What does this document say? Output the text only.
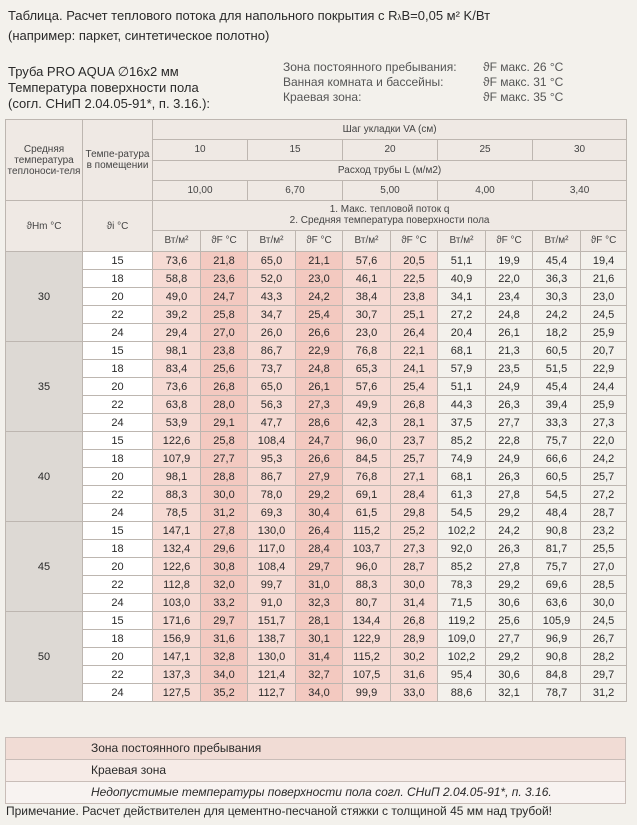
Таблица. Расчет теплового потока для напольного покрытия с RλB=0,05 м² K/Вт
(например: паркет, синтетическое полотно)
Труба PRO AQUA ∅16x2 мм
Температура поверхности пола
(согл. СНиП 2.04.05-91*, п. 3.16.):
Зона постоянного пребывания:	ϑF макс. 26 °C
Ванная комната и бассейны:	ϑF макс. 31 °C
Краевая зона:	ϑF макс. 35 °C
Средняя температура теплоноси-теля	Темпе-ратура в помещении	Шаг укладки VA (см)									
		10		15		20		25		30	
		Расход трубы L (м/м2)									
		10,00		6,70		5,00		4,00		3,40	
ϑHm °C	ϑi °C	1. Макс. тепловой поток q
2. Средняя температура поверхности пола									

		Вт/м²	ϑF °C	Вт/м²	ϑF °C	Вт/м²	ϑF °C	Вт/м²	ϑF °C	Вт/м²	ϑF °C
30	15	73,6	21,8	65,0	21,1	57,6	20,5	51,1	19,9	45,4	19,4
	18	58,8	23,6	52,0	23,0	46,1	22,5	40,9	22,0	36,3	21,6
	20	49,0	24,7	43,3	24,2	38,4	23,8	34,1	23,4	30,3	23,0
	22	39,2	25,8	34,7	25,4	30,7	25,1	27,2	24,8	24,2	24,5
	24	29,4	27,0	26,0	26,6	23,0	26,4	20,4	26,1	18,2	25,9
35	15	98,1	23,8	86,7	22,9	76,8	22,1	68,1	21,3	60,5	20,7
	18	83,4	25,6	73,7	24,8	65,3	24,1	57,9	23,5	51,5	22,9
	20	73,6	26,8	65,0	26,1	57,6	25,4	51,1	24,9	45,4	24,4
	22	63,8	28,0	56,3	27,3	49,9	26,8	44,3	26,3	39,4	25,9
	24	53,9	29,1	47,7	28,6	42,3	28,1	37,5	27,7	33,3	27,3
40	15	122,6	25,8	108,4	24,7	96,0	23,7	85,2	22,8	75,7	22,0
	18	107,9	27,7	95,3	26,6	84,5	25,7	74,9	24,9	66,6	24,2
	20	98,1	28,8	86,7	27,9	76,8	27,1	68,1	26,3	60,5	25,7
	22	88,3	30,0	78,0	29,2	69,1	28,4	61,3	27,8	54,5	27,2
	24	78,5	31,2	69,3	30,4	61,5	29,8	54,5	29,2	48,4	28,7
45	15	147,1	27,8	130,0	26,4	115,2	25,2	102,2	24,2	90,8	23,2
	18	132,4	29,6	117,0	28,4	103,7	27,3	92,0	26,3	81,7	25,5
	20	122,6	30,8	108,4	29,7	96,0	28,7	85,2	27,8	75,7	27,0
	22	112,8	32,0	99,7	31,0	88,3	30,0	78,3	29,2	69,6	28,5
	24	103,0	33,2	91,0	32,3	80,7	31,4	71,5	30,6	63,6	30,0
50	15	171,6	29,7	151,7	28,1	134,4	26,8	119,2	25,6	105,9	24,5
	18	156,9	31,6	138,7	30,1	122,9	28,9	109,0	27,7	96,9	26,7
	20	147,1	32,8	130,0	31,4	115,2	30,2	102,2	29,2	90,8	28,2
	22	137,3	34,0	121,4	32,7	107,5	31,6	95,4	30,6	84,8	29,7
	24	127,5	35,2	112,7	34,0	99,9	33,0	88,6	32,1	78,7	31,2
Зона постоянного пребывания
Краевая зона
Недопустимые температуры поверхности пола согл. СНиП 2.04.05-91*, п. 3.16.
Примечание. Расчет действителен для цементно-песчаной стяжки с толщиной 45 мм над трубой!
